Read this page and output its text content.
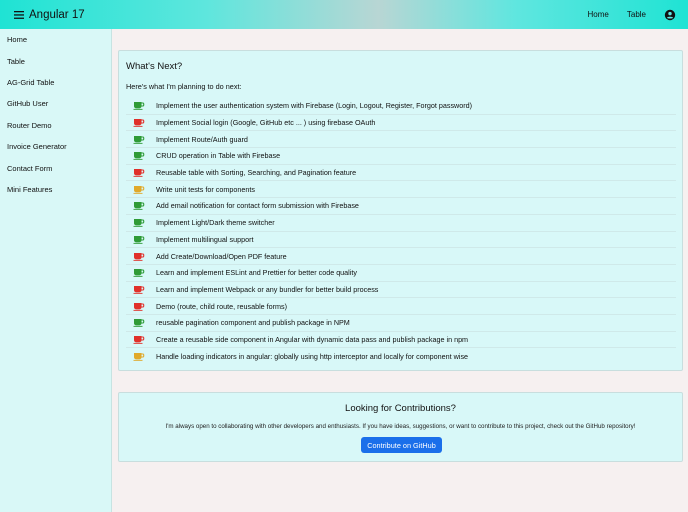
Angular 17	Home Table
Home
Table
AG-Grid Table
GitHub User
Router Demo
Invoice Generator
Contact Form
Mini Features
What's Next?
Here's what I'm planning to do next:
Implement the user authentication system with Firebase (Login, Logout, Register, Forgot password)
Implement Social login (Google, GitHub etc ... ) using firebase OAuth
Implement Route/Auth guard
CRUD operation in Table with Firebase
Reusable table with Sorting, Searching, and Pagination feature
Write unit tests for components
Add email notification for contact form submission with Firebase
Implement Light/Dark theme switcher
Implement multilingual support
Add Create/Download/Open PDF feature
Learn and implement ESLint and Prettier for better code quality
Learn and implement Webpack or any bundler for better build process
Demo (route, child route, reusable forms)
reusable pagination component and publish package in NPM
Create a reusable side component in Angular with dynamic data pass and publish package in npm
Handle loading indicators in angular: globally using http interceptor and locally for component wise
Looking for Contributions?
I'm always open to collaborating with other developers and enthusiasts. If you have ideas, suggestions, or want to contribute to this project, check out the GitHub repository!
Contribute on GitHub
